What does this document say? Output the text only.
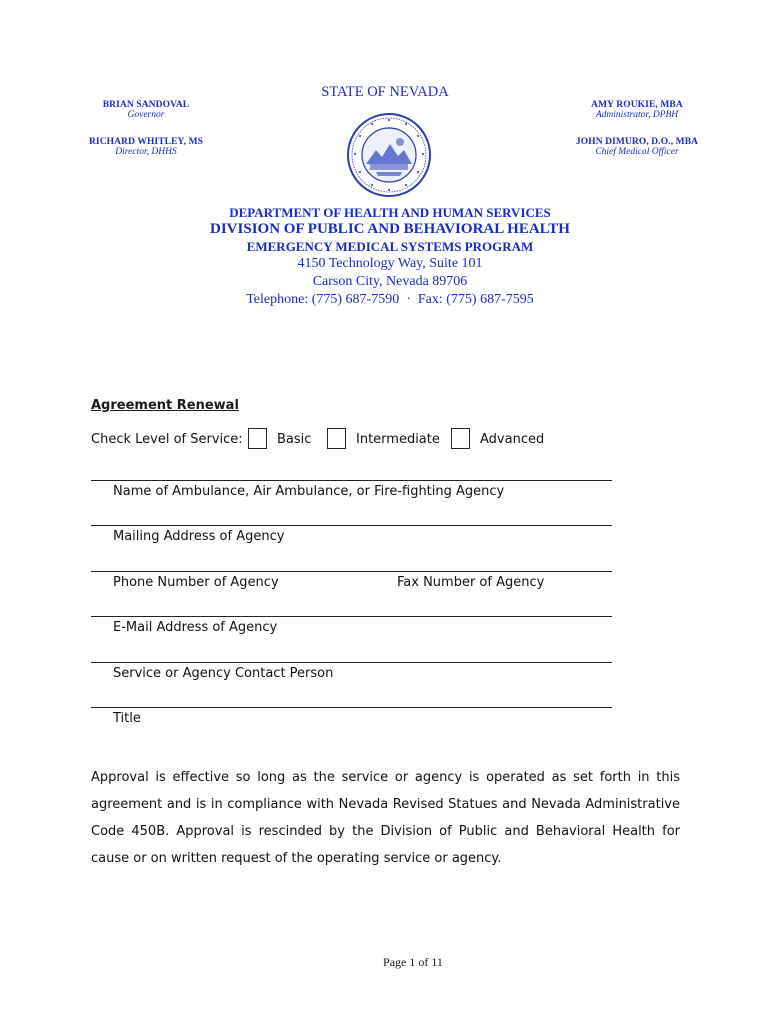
STATE OF NEVADA
BRIAN SANDOVAL
Governor
RICHARD WHITLEY, MS
Director, DHHS
AMY ROUKIE, MBA
Administrator, DPBH
JOHN DIMURO, D.O., MBA
Chief Medical Officer
DEPARTMENT OF HEALTH AND HUMAN SERVICES
DIVISION OF PUBLIC AND BEHAVIORAL HEALTH
EMERGENCY MEDICAL SYSTEMS PROGRAM
4150 Technology Way, Suite 101
Carson City, Nevada 89706
Telephone: (775) 687-7590  ·  Fax: (775) 687-7595
Agreement Renewal
Check Level of Service:	Basic	Intermediate	Advanced
Name of Ambulance, Air Ambulance, or Fire-fighting Agency
Mailing Address of Agency
Phone Number of Agency	Fax Number of Agency
E-Mail Address of Agency
Service or Agency Contact Person
Title
Approval is effective so long as the service or agency is operated as set forth in this agreement and is in compliance with Nevada Revised Statues and Nevada Administrative Code 450B. Approval is rescinded by the Division of Public and Behavioral Health for cause or on written request of the operating service or agency.
Page 1 of 11
